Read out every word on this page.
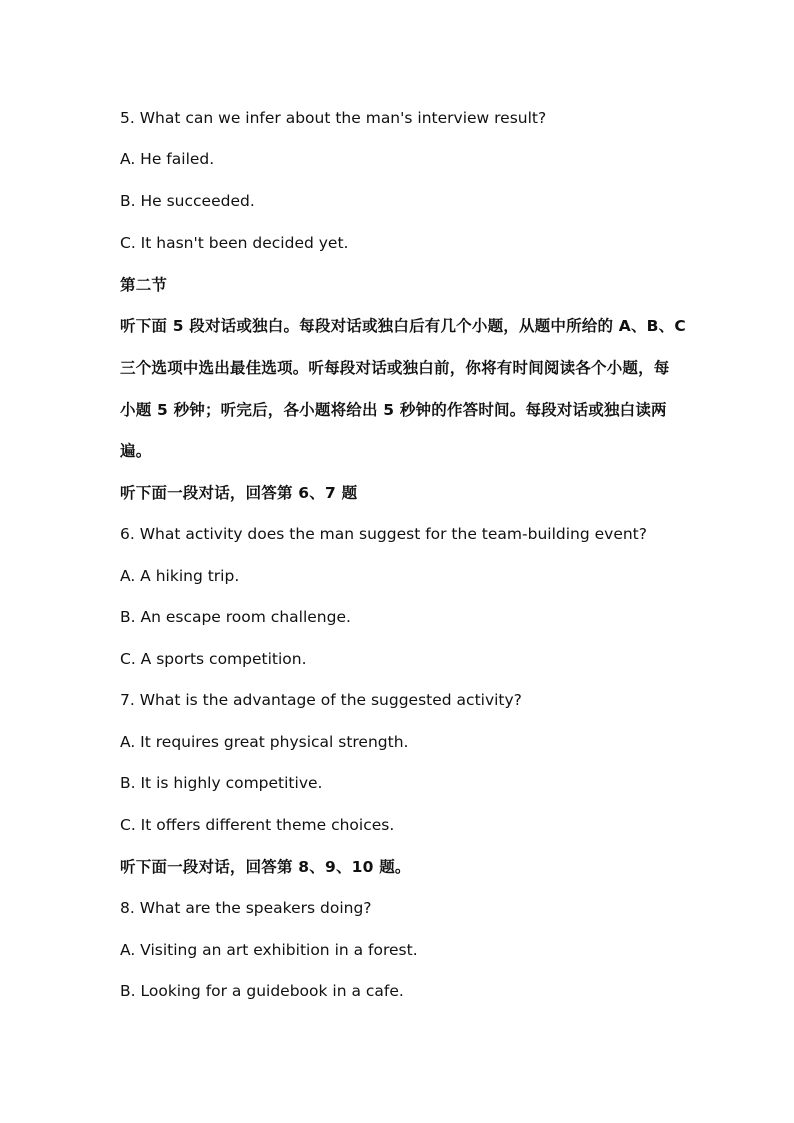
5. What can we infer about the man's interview result?
A. He failed.
B. He succeeded.
C. It hasn't been decided yet.
第二节
听下面 5 段对话或独白。每段对话或独白后有几个小题，从题中所给的 A、B、C
三个选项中选出最佳选项。听每段对话或独白前，你将有时间阅读各个小题，每
小题 5 秒钟；听完后，各小题将给出 5 秒钟的作答时间。每段对话或独白读两
遍。
听下面一段对话，回答第 6、7 题
6. What activity does the man suggest for the team-building event?
A. A hiking trip.
B. An escape room challenge.
C. A sports competition.
7. What is the advantage of the suggested activity?
A. It requires great physical strength.
B. It is highly competitive.
C. It offers different theme choices.
听下面一段对话，回答第 8、9、10 题。
8. What are the speakers doing?
A. Visiting an art exhibition in a forest.
B. Looking for a guidebook in a cafe.
